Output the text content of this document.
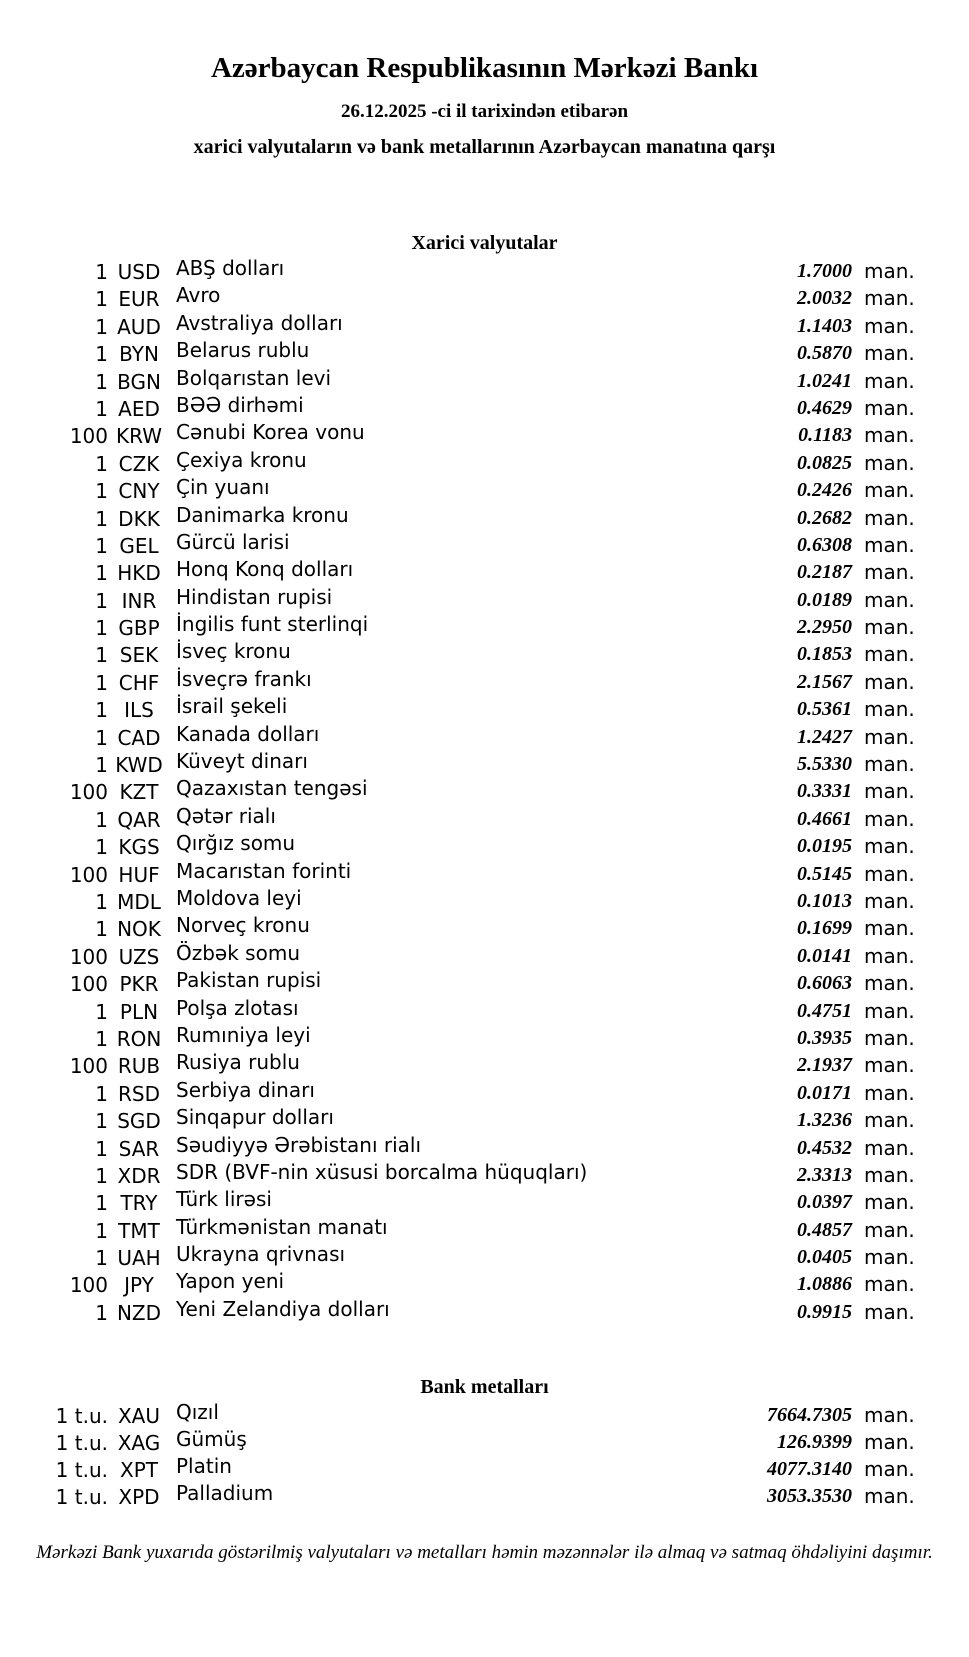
Azərbaycan Respublikasının Mərkəzi Bankı
26.12.2025 -ci il tarixindən etibarən
xarici valyutaların və bank metallarının Azərbaycan manatına qarşı
Xarici valyutalar
1 USD ABŞ dolları	1.7000 man.
1 EUR Avro	2.0032 man.
1 AUD Avstraliya dolları	1.1403 man.
1 BYN Belarus rublu	0.5870 man.
1 BGN Bolqarıstan levi	1.0241 man.
1 AED BƏƏ dirhəmi	0.4629 man.
100 KRW Cənubi Korea vonu	0.1183 man.
1 CZK Çexiya kronu	0.0825 man.
1 CNY Çin yuanı	0.2426 man.
1 DKK Danimarka kronu	0.2682 man.
1 GEL Gürcü larisi	0.6308 man.
1 HKD Honq Konq dolları	0.2187 man.
1 INR Hindistan rupisi	0.0189 man.
1 GBP İngilis funt sterlinqi	2.2950 man.
1 SEK İsveç kronu	0.1853 man.
1 CHF İsveçrə frankı	2.1567 man.
1 ILS	İsrail şekeli	0.5361 man.
1 CAD Kanada dolları	1.2427 man.
1 KWD Küveyt dinarı	5.5330 man.
100 KZT Qazaxıstan tengəsi	0.3331 man.
1 QAR Qətər rialı	0.4661 man.
1 KGS Qırğız somu	0.0195 man.
100 HUF Macarıstan forinti	0.5145 man.
1 MDL Moldova leyi	0.1013 man.
1 NOK Norveç kronu	0.1699 man.
100 UZS Özbək somu	0.0141 man.
100 PKR Pakistan rupisi	0.6063 man.
1 PLN Polşa zlotası	0.4751 man.
1 RON Rumıniya leyi	0.3935 man.
100 RUB Rusiya rublu	2.1937 man.
1 RSD Serbiya dinarı	0.0171 man.
1 SGD Sinqapur dolları	1.3236 man.
1 SAR Səudiyyə Ərəbistanı rialı	0.4532 man.
1 XDR SDR (BVF-nin xüsusi borcalma hüquqları)	2.3313 man.
1 TRY Türk lirəsi	0.0397 man.
1 TMT Türkmənistan manatı	0.4857 man.
1 UAH Ukrayna qrivnası	0.0405 man.
100 JPY	Yapon yeni	1.0886 man.
1 NZD Yeni Zelandiya dolları	0.9915 man.
Bank metalları
1 t.u. XAU Qızıl	7664.7305 man.
1 t.u. XAG Gümüş	126.9399 man.
1 t.u. XPT Platin	4077.3140 man.
1 t.u. XPD Palladium	3053.3530 man.
Mərkəzi Bank yuxarıda göstərilmiş valyutaları və metalları həmin məzənnələr ilə almaq və satmaq öhdəliyini daşımır.
